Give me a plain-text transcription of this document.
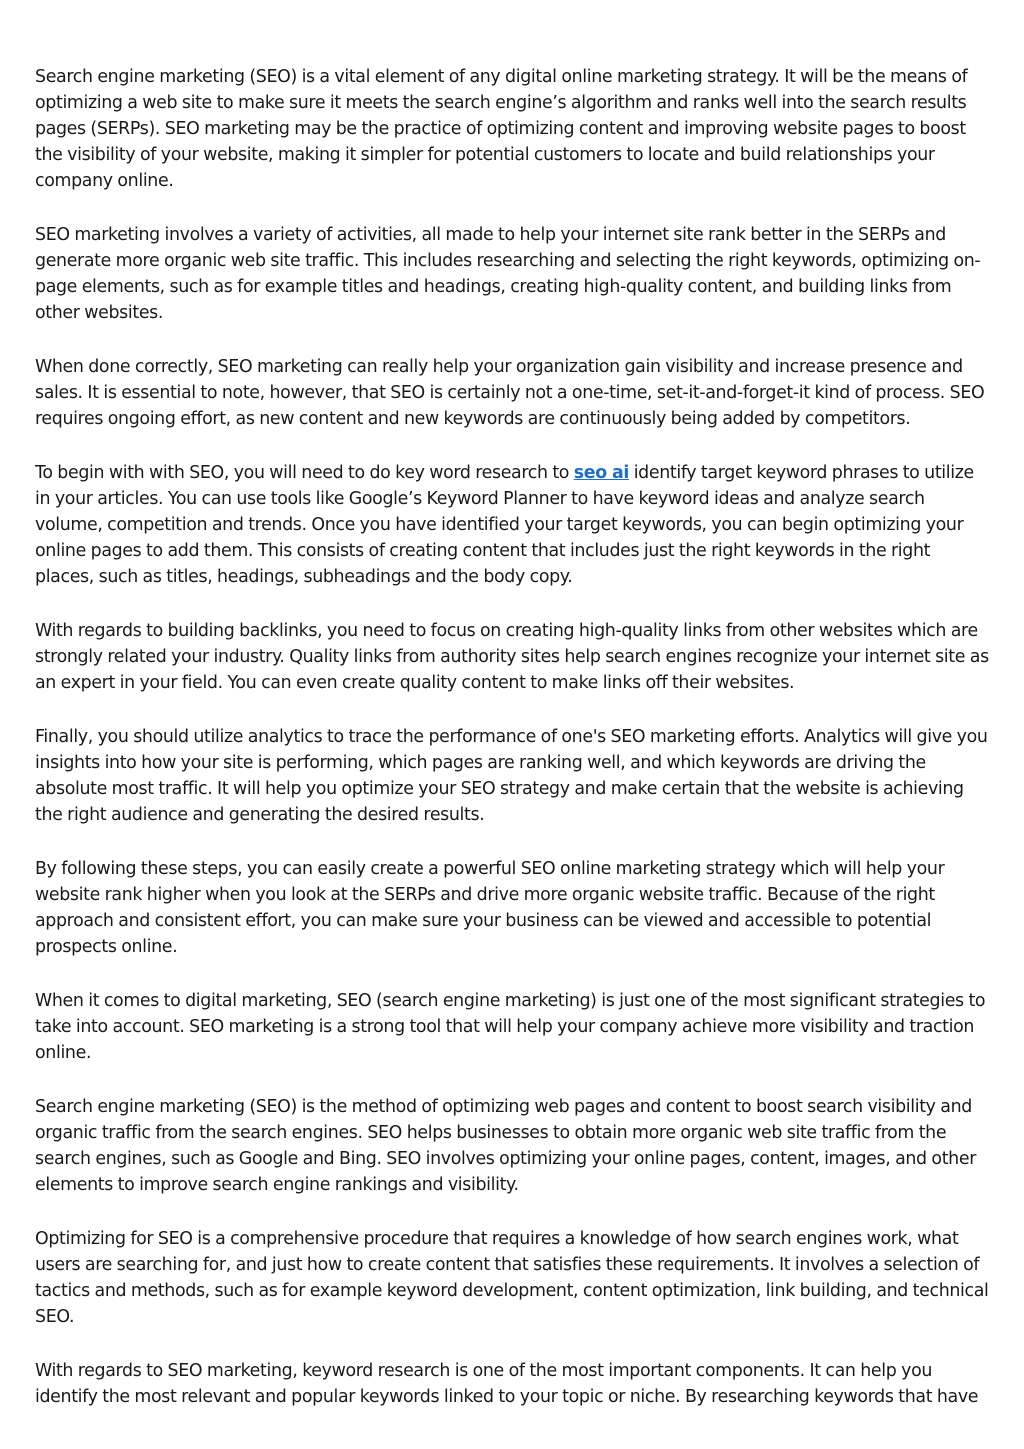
Search engine marketing (SEO) is a vital element of any digital online marketing strategy. It will be the means of optimizing a web site to make sure it meets the search engine’s algorithm and ranks well into the search results pages (SERPs). SEO marketing may be the practice of optimizing content and improving website pages to boost the visibility of your website, making it simpler for potential customers to locate and build relationships your company online.

SEO marketing involves a variety of activities, all made to help your internet site rank better in the SERPs and generate more organic web site traffic. This includes researching and selecting the right keywords, optimizing on-page elements, such as for example titles and headings, creating high-quality content, and building links from other websites.

When done correctly, SEO marketing can really help your organization gain visibility and increase presence and sales. It is essential to note, however, that SEO is certainly not a one-time, set-it-and-forget-it kind of process. SEO requires ongoing effort, as new content and new keywords are continuously being added by competitors.

To begin with with SEO, you will need to do key word research to seo ai identify target keyword phrases to utilize in your articles. You can use tools like Google’s Keyword Planner to have keyword ideas and analyze search volume, competition and trends. Once you have identified your target keywords, you can begin optimizing your online pages to add them. This consists of creating content that includes just the right keywords in the right places, such as titles, headings, subheadings and the body copy.

With regards to building backlinks, you need to focus on creating high-quality links from other websites which are strongly related your industry. Quality links from authority sites help search engines recognize your internet site as an expert in your field. You can even create quality content to make links off their websites.

Finally, you should utilize analytics to trace the performance of one's SEO marketing efforts. Analytics will give you insights into how your site is performing, which pages are ranking well, and which keywords are driving the absolute most traffic. It will help you optimize your SEO strategy and make certain that the website is achieving the right audience and generating the desired results.

By following these steps, you can easily create a powerful SEO online marketing strategy which will help your website rank higher when you look at the SERPs and drive more organic website traffic. Because of the right approach and consistent effort, you can make sure your business can be viewed and accessible to potential prospects online.

When it comes to digital marketing, SEO (search engine marketing) is just one of the most significant strategies to take into account. SEO marketing is a strong tool that will help your company achieve more visibility and traction online.

Search engine marketing (SEO) is the method of optimizing web pages and content to boost search visibility and organic traffic from the search engines. SEO helps businesses to obtain more organic web site traffic from the search engines, such as Google and Bing. SEO involves optimizing your online pages, content, images, and other elements to improve search engine rankings and visibility.

Optimizing for SEO is a comprehensive procedure that requires a knowledge of how search engines work, what users are searching for, and just how to create content that satisfies these requirements. It involves a selection of tactics and methods, such as for example keyword development, content optimization, link building, and technical SEO.

With regards to SEO marketing, keyword research is one of the most important components. It can help you identify the most relevant and popular keywords linked to your topic or niche. By researching keywords that have
